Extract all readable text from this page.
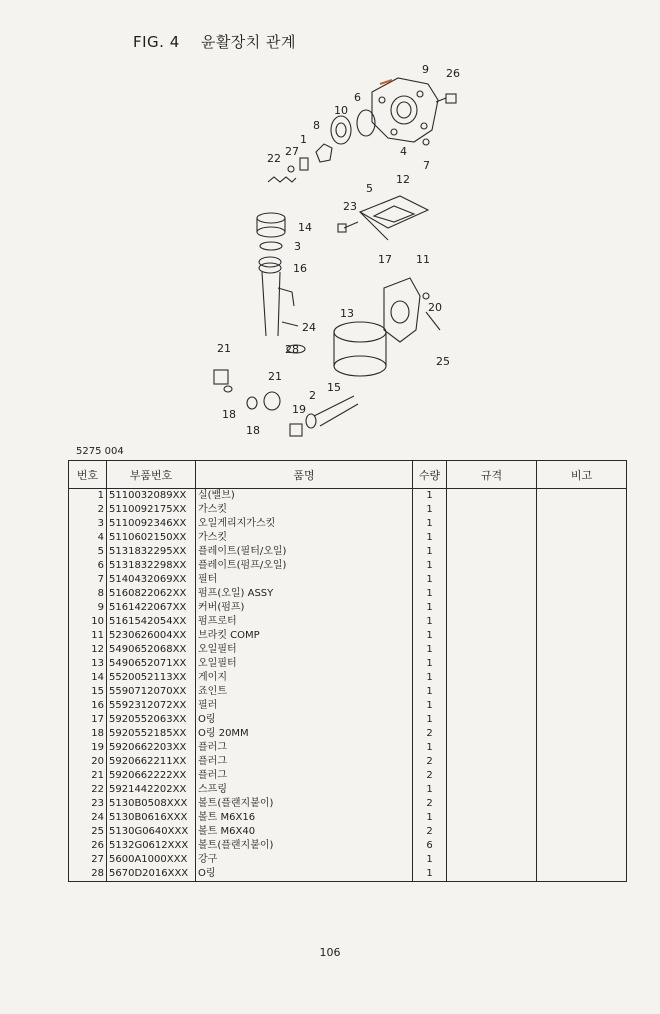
FIG. 4    윤활장치 관계
9 26
6
10
8
1
27
22
4
7
5
12
23
14
3
16
17 11
20
24
13
28
21
21
25
15
2
19
18
18
5275 004
번호	부품번호	품명	수량	규격	비고
1	5110032089XX	실(밸브)	1		
2	5110092175XX	가스킷	1		
3	5110092346XX	오일게리지가스킷	1		
4	5110602150XX	가스킷	1		
5	5131832295XX	플레이트(필터/오일)	1		
6	5131832298XX	플레이트(펌프/오일)	1		
7	5140432069XX	필터	1		
8	5160822062XX	펌프(오일) ASSY	1		
9	5161422067XX	커버(펌프)	1		
10	5161542054XX	펌프로터	1		
11	5230626004XX	브라킷 COMP	1		
12	5490652068XX	오일필터	1		
13	5490652071XX	오일필터	1		
14	5520052113XX	게이지	1		
15	5590712070XX	죠인트	1		
16	5592312072XX	필러	1		
17	5920552063XX	O링	1		
18	5920552185XX	O링 20MM	2		
19	5920662203XX	플러그	1		
20	5920662211XX	플러그	2		
21	5920662222XX	플러그	2		
22	5921442202XX	스프링	1		
23	5130B0508XXX	볼트(플랜지붙이)	2		
24	5130B0616XXX	볼트 M6X16	1		
25	5130G0640XXX	볼트 M6X40	2		
26	5132G0612XXX	볼트(플랜지붙이)	6		
27	5600A1000XXX	강구	1		
28	5670D2016XXX	O링	1		
106
